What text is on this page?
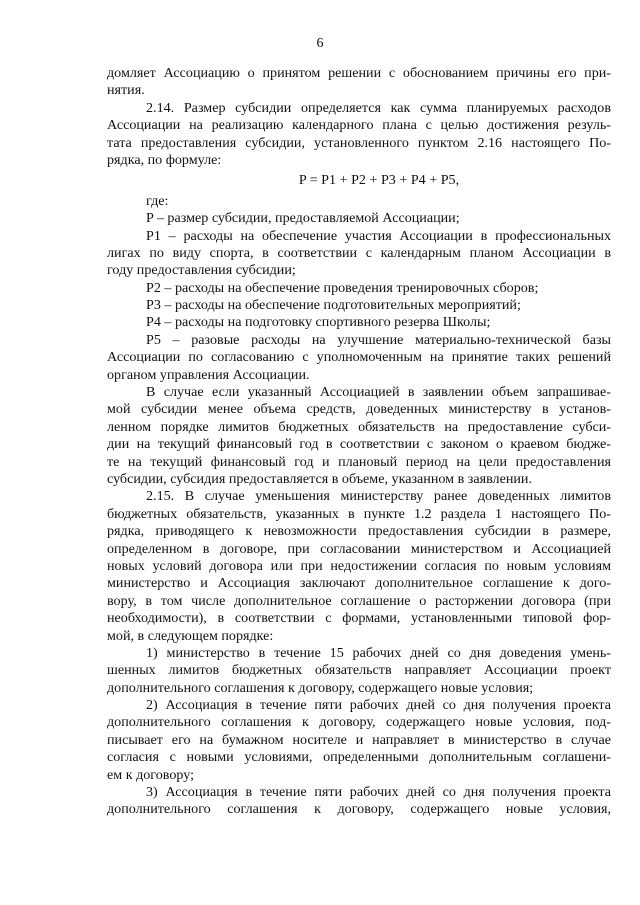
6
домляет Ассоциацию о принятом решении с обоснованием причины его при-
нятия.
2.14. Размер субсидии определяется как сумма планируемых расходов
Ассоциации на реализацию календарного плана с целью достижения резуль-
тата предоставления субсидии, установленного пунктом 2.16 настоящего По-
рядка, по формуле:
P = P1 + P2 + P3 + P4 + P5,
где:
P – размер субсидии, предоставляемой Ассоциации;
P1 – расходы на обеспечение участия Ассоциации в профессиональных
лигах по виду спорта, в соответствии с календарным планом Ассоциации в
году предоставления субсидии;
P2 – расходы на обеспечение проведения тренировочных сборов;
P3 – расходы на обеспечение подготовительных мероприятий;
P4 – расходы на подготовку спортивного резерва Школы;
P5 – разовые расходы на улучшение материально-технической базы
Ассоциации по согласованию с уполномоченным на принятие таких решений
органом управления Ассоциации.
В случае если указанный Ассоциацией в заявлении объем запрашивае-
мой субсидии менее объема средств, доведенных министерству в установ-
ленном порядке лимитов бюджетных обязательств на предоставление субси-
дии на текущий финансовый год в соответствии с законом о краевом бюдже-
те на текущий финансовый год и плановый период на цели предоставления
субсидии, субсидия предоставляется в объеме, указанном в заявлении.
2.15. В случае уменьшения министерству ранее доведенных лимитов
бюджетных обязательств, указанных в пункте 1.2 раздела 1 настоящего По-
рядка, приводящего к невозможности предоставления субсидии в размере,
определенном в договоре, при согласовании министерством и Ассоциацией
новых условий договора или при недостижении согласия по новым условиям
министерство и Ассоциация заключают дополнительное соглашение к дого-
вору, в том числе дополнительное соглашение о расторжении договора (при
необходимости), в соответствии с формами, установленными типовой фор-
мой, в следующем порядке:
1) министерство в течение 15 рабочих дней со дня доведения умень-
шенных лимитов бюджетных обязательств направляет Ассоциации проект
дополнительного соглашения к договору, содержащего новые условия;
2) Ассоциация в течение пяти рабочих дней со дня получения проекта
дополнительного соглашения к договору, содержащего новые условия, под-
писывает его на бумажном носителе и направляет в министерство в случае
согласия с новыми условиями, определенными дополнительным соглашени-
ем к договору;
3) Ассоциация в течение пяти рабочих дней со дня получения проекта
дополнительного соглашения к договору, содержащего новые условия,
